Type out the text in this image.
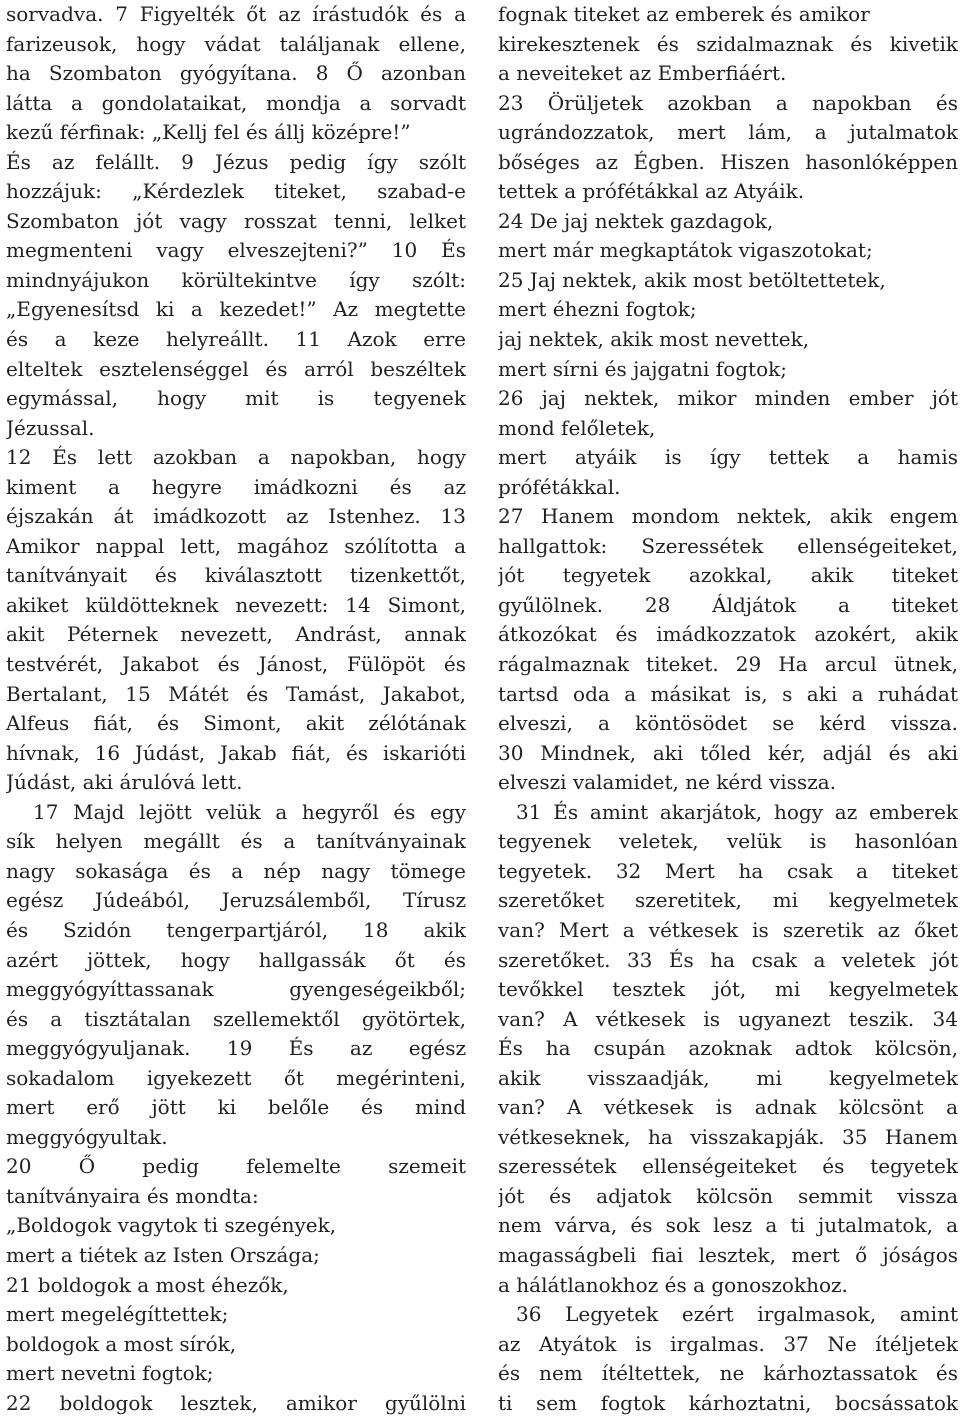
sorvadva. 7 Figyelték őt az írástudók és a
farizeusok, hogy vádat találjanak ellene,
ha Szombaton gyógyítana. 8 Ő azonban
látta a gondolataikat, mondja a sorvadt
kezű férfinak: „Kellj fel és állj középre!”
És az felállt. 9 Jézus pedig így szólt
hozzájuk: „Kérdezlek titeket, szabad-e
Szombaton jót vagy rosszat tenni, lelket
megmenteni vagy elveszejteni?” 10 És
mindnyájukon körültekintve így szólt:
„Egyenesítsd ki a kezedet!” Az megtette
és a keze helyreállt. 11 Azok erre
elteltek esztelenséggel és arról beszéltek
egymással, hogy mit is tegyenek
Jézussal.
12 És lett azokban a napokban, hogy
kiment a hegyre imádkozni és az
éjszakán át imádkozott az Istenhez. 13
Amikor nappal lett, magához szólította a
tanítványait és kiválasztott tizenkettőt,
akiket küldötteknek nevezett: 14 Simont,
akit Péternek nevezett, Andrást, annak
testvérét, Jakabot és Jánost, Fülöpöt és
Bertalant, 15 Mátét és Tamást, Jakabot,
Alfeus fiát, és Simont, akit zélótának
hívnak, 16 Júdást, Jakab fiát, és iskarióti
Júdást, aki árulóvá lett.
17 Majd lejött velük a hegyről és egy
sík helyen megállt és a tanítványainak
nagy sokasága és a nép nagy tömege
egész Júdeából, Jeruzsálemből, Tírusz
és Szidón tengerpartjáról, 18 akik
azért jöttek, hogy hallgassák őt és
meggyógyíttassanak gyengeségeikből;
és a tisztátalan szellemektől gyötörtek,
meggyógyuljanak. 19 És az egész
sokadalom igyekezett őt megérinteni,
mert erő jött ki belőle és mind
meggyógyultak.
20 Ő pedig felemelte szemeit
tanítványaira és mondta:
„Boldogok vagytok ti szegények,
mert a tiétek az Isten Országa;
21 boldogok a most éhezők,
mert megelégíttettek;
boldogok a most sírók,
mert nevetni fogtok;
22 boldogok lesztek, amikor gyűlölni
fognak titeket az emberek és amikor
kirekesztenek és szidalmaznak és kivetik
a neveiteket az Emberfiáért.
23 Örüljetek azokban a napokban és
ugrándozzatok, mert lám, a jutalmatok
bőséges az Égben. Hiszen hasonlóképpen
tettek a prófétákkal az Atyáik.
24 De jaj nektek gazdagok,
mert már megkaptátok vigaszotokat;
25 Jaj nektek, akik most betöltettetek,
mert éhezni fogtok;
jaj nektek, akik most nevettek,
mert sírni és jajgatni fogtok;
26 jaj nektek, mikor minden ember jót
mond felőletek,
mert atyáik is így tettek a hamis
prófétákkal.
27 Hanem mondom nektek, akik engem
hallgattok: Szeressétek ellenségeiteket,
jót tegyetek azokkal, akik titeket
gyűlölnek. 28 Áldjátok a titeket
átkozókat és imádkozzatok azokért, akik
rágalmaznak titeket. 29 Ha arcul ütnek,
tartsd oda a másikat is, s aki a ruhádat
elveszi, a köntösödet se kérd vissza.
30 Mindnek, aki tőled kér, adjál és aki
elveszi valamidet, ne kérd vissza.
31 És amint akarjátok, hogy az emberek
tegyenek veletek, velük is hasonlóan
tegyetek. 32 Mert ha csak a titeket
szeretőket szeretitek, mi kegyelmetek
van? Mert a vétkesek is szeretik az őket
szeretőket. 33 És ha csak a veletek jót
tevőkkel tesztek jót, mi kegyelmetek
van? A vétkesek is ugyanezt teszik. 34
És ha csupán azoknak adtok kölcsön,
akik visszaadják, mi kegyelmetek
van? A vétkesek is adnak kölcsönt a
vétkeseknek, ha visszakapják. 35 Hanem
szeressétek ellenségeiteket és tegyetek
jót és adjatok kölcsön semmit vissza
nem várva, és sok lesz a ti jutalmatok, a
magasságbeli fiai lesztek, mert ő jóságos
a hálátlanokhoz és a gonoszokhoz.
36 Legyetek ezért irgalmasok, amint
az Atyátok is irgalmas. 37 Ne ítéljetek
és nem ítéltettek, ne kárhoztassatok és
ti sem fogtok kárhoztatni, bocsássatok
